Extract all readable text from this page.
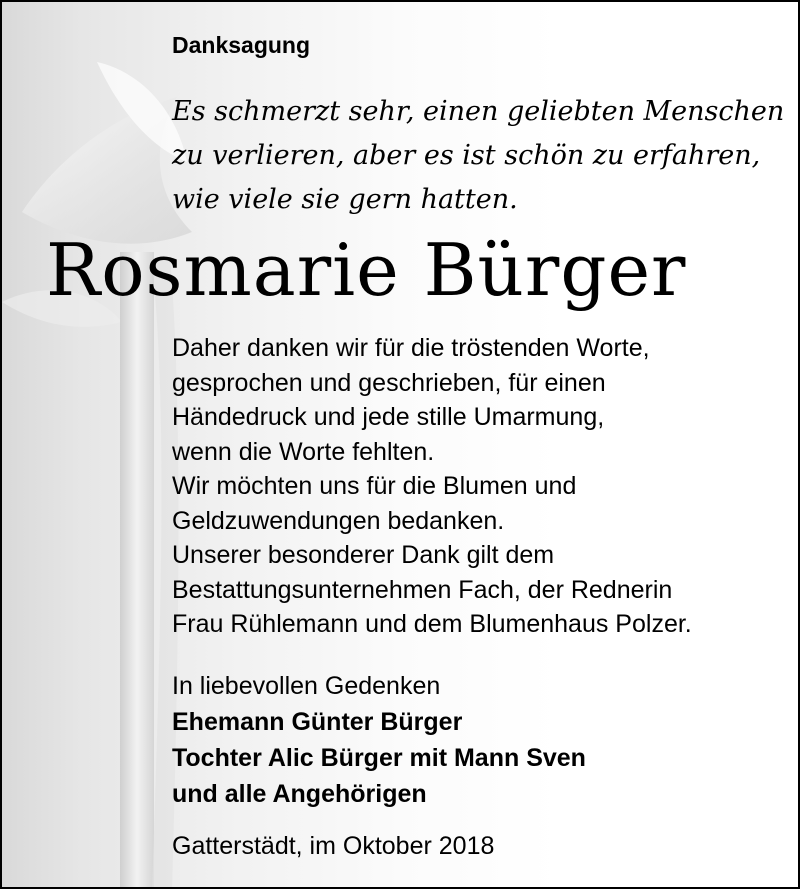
Danksagung
Es schmerzt sehr, einen geliebten Menschen
zu verlieren, aber es ist schön zu erfahren,
wie viele sie gern hatten.
Rosmarie Bürger
Daher danken wir für die tröstenden Worte,
gesprochen und geschrieben, für einen
Händedruck und jede stille Umarmung,
wenn die Worte fehlten.
Wir möchten uns für die Blumen und
Geldzuwendungen bedanken.
Unserer besonderer Dank gilt dem
Bestattungsunternehmen Fach, der Rednerin
Frau Rühlemann und dem Blumenhaus Polzer.
In liebevollen Gedenken
Ehemann Günter Bürger
Tochter Alic Bürger mit Mann Sven
und alle Angehörigen
Gatterstädt, im Oktober 2018
